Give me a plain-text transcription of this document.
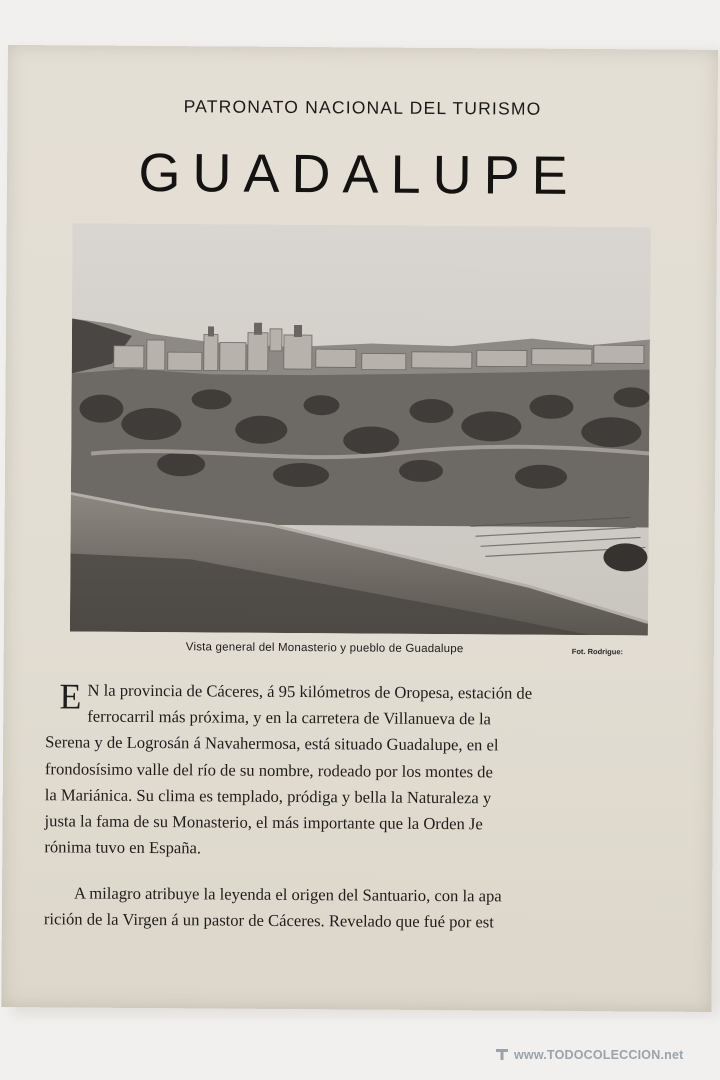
PATRONATO NACIONAL DEL TURISMO
GUADALUPE
Vista general del Monasterio y pueblo de Guadalupe	Fot. Rodrigue:
E N la provincia de Cáceres, á 95 kilómetros de Oropesa, estación de
ferrocarril más próxima, y en la carretera de Villanueva de la
Serena y de Logrosán á Navahermosa, está situado Guadalupe, en el
frondosísimo valle del río de su nombre, rodeado por los montes de
la Mariánica. Su clima es templado, pródiga y bella la Naturaleza y
justa la fama de su Monasterio, el más importante que la Orden Je
rónima tuvo en España.
A milagro atribuye la leyenda el origen del Santuario, con la apa
rición de la Virgen á un pastor de Cáceres. Revelado que fué por est
www.TODOCOLECCION.net
